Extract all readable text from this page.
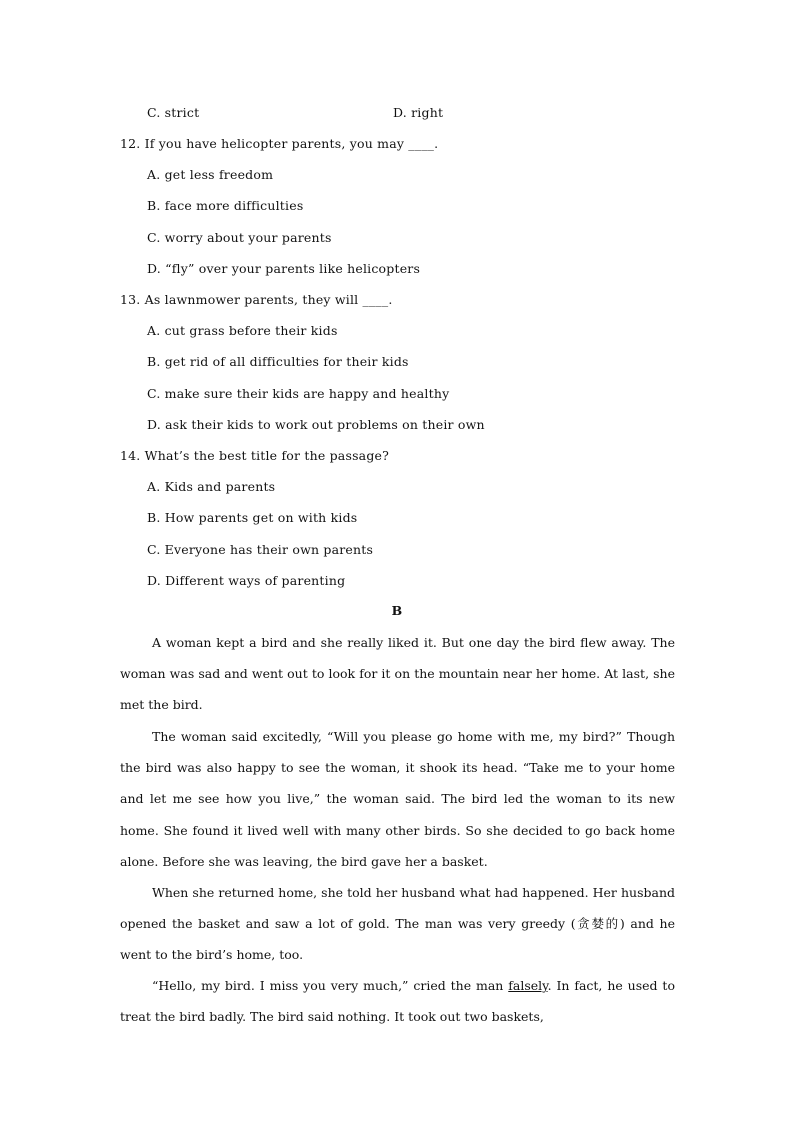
C. strict	D. right
12. If you have helicopter parents, you may ____.
A. get less freedom
B. face more difficulties
C. worry about your parents
D. “fly” over your parents like helicopters
13. As lawnmower parents, they will ____.
A. cut grass before their kids
B. get rid of all difficulties for their kids
C. make sure their kids are happy and healthy
D. ask their kids to work out problems on their own
14. What’s the best title for the passage?
A. Kids and parents
B. How parents get on with kids
C. Everyone has their own parents
D. Different ways of parenting
B
A woman kept a bird and she really liked it. But one day the bird flew away. The woman was sad and went out to look for it on the mountain near her home. At last, she met the bird.
The woman said excitedly, “Will you please go home with me, my bird?” Though the bird was also happy to see the woman, it shook its head. “Take me to your home and let me see how you live,” the woman said. The bird led the woman to its new home. She found it lived well with many other birds. So she decided to go back home alone. Before she was leaving, the bird gave her a basket.
When she returned home, she told her husband what had happened. Her husband opened the basket and saw a lot of gold. The man was very greedy (贪婪的) and he went to the bird’s home, too.
“Hello, my bird. I miss you very much,” cried the man falsely. In fact, he used to treat the bird badly. The bird said nothing. It took out two baskets,
